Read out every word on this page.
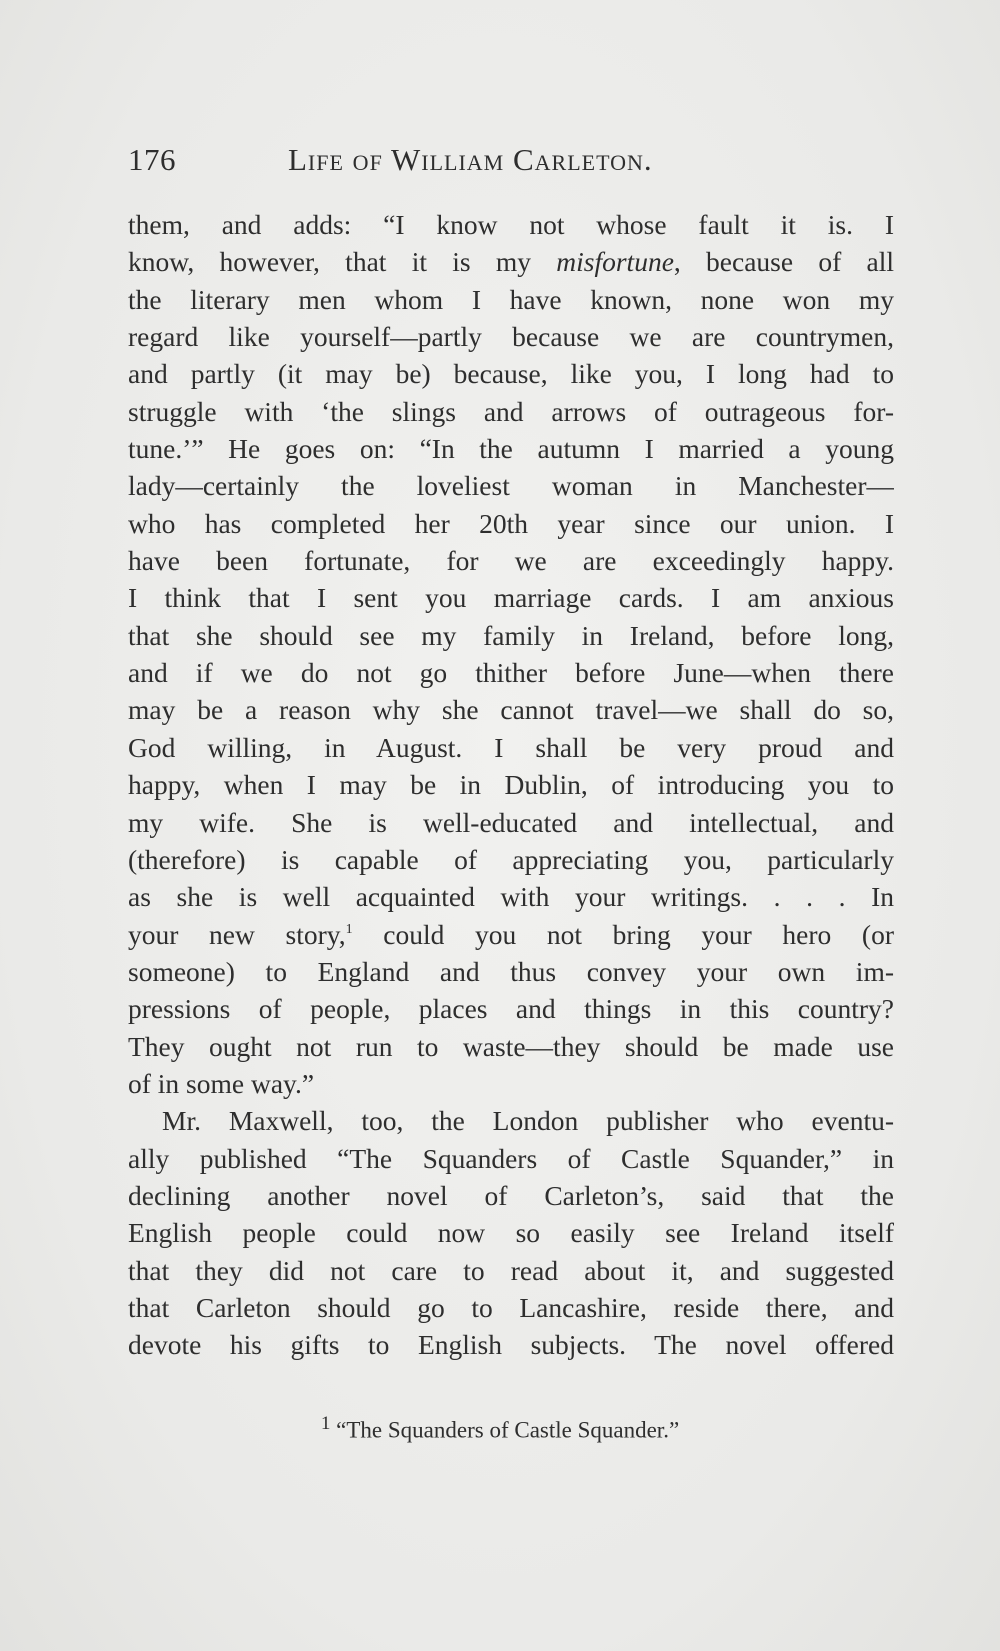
176	Life of William Carleton.
them, and adds: “I know not whose fault it is. I
know, however, that it is my misfortune, because of all
the literary men whom I have known, none won my
regard like yourself—partly because we are countrymen,
and partly (it may be) because, like you, I long had to
struggle with ‘the slings and arrows of outrageous for-
tune.’” He goes on: “In the autumn I married a young
lady—certainly the loveliest woman in Manchester—
who has completed her 20th year since our union. I
have been fortunate, for we are exceedingly happy.
I think that I sent you marriage cards. I am anxious
that she should see my family in Ireland, before long,
and if we do not go thither before June—when there
may be a reason why she cannot travel—we shall do so,
God willing, in August. I shall be very proud and
happy, when I may be in Dublin, of introducing you to
my wife. She is well-educated and intellectual, and
(therefore) is capable of appreciating you, particularly
as she is well acquainted with your writings. . . . In
your new story,$^1$ could you not bring your hero (or
someone) to England and thus convey your own im-
pressions of people, places and things in this country?
They ought not run to waste—they should be made use
of in some way.”
Mr. Maxwell, too, the London publisher who eventu-
ally published “The Squanders of Castle Squander,” in
declining another novel of Carleton’s, said that the
English people could now so easily see Ireland itself
that they did not care to read about it, and suggested
that Carleton should go to Lancashire, reside there, and
devote his gifts to English subjects. The novel offered
$^1$ “The Squanders of Castle Squander.”
